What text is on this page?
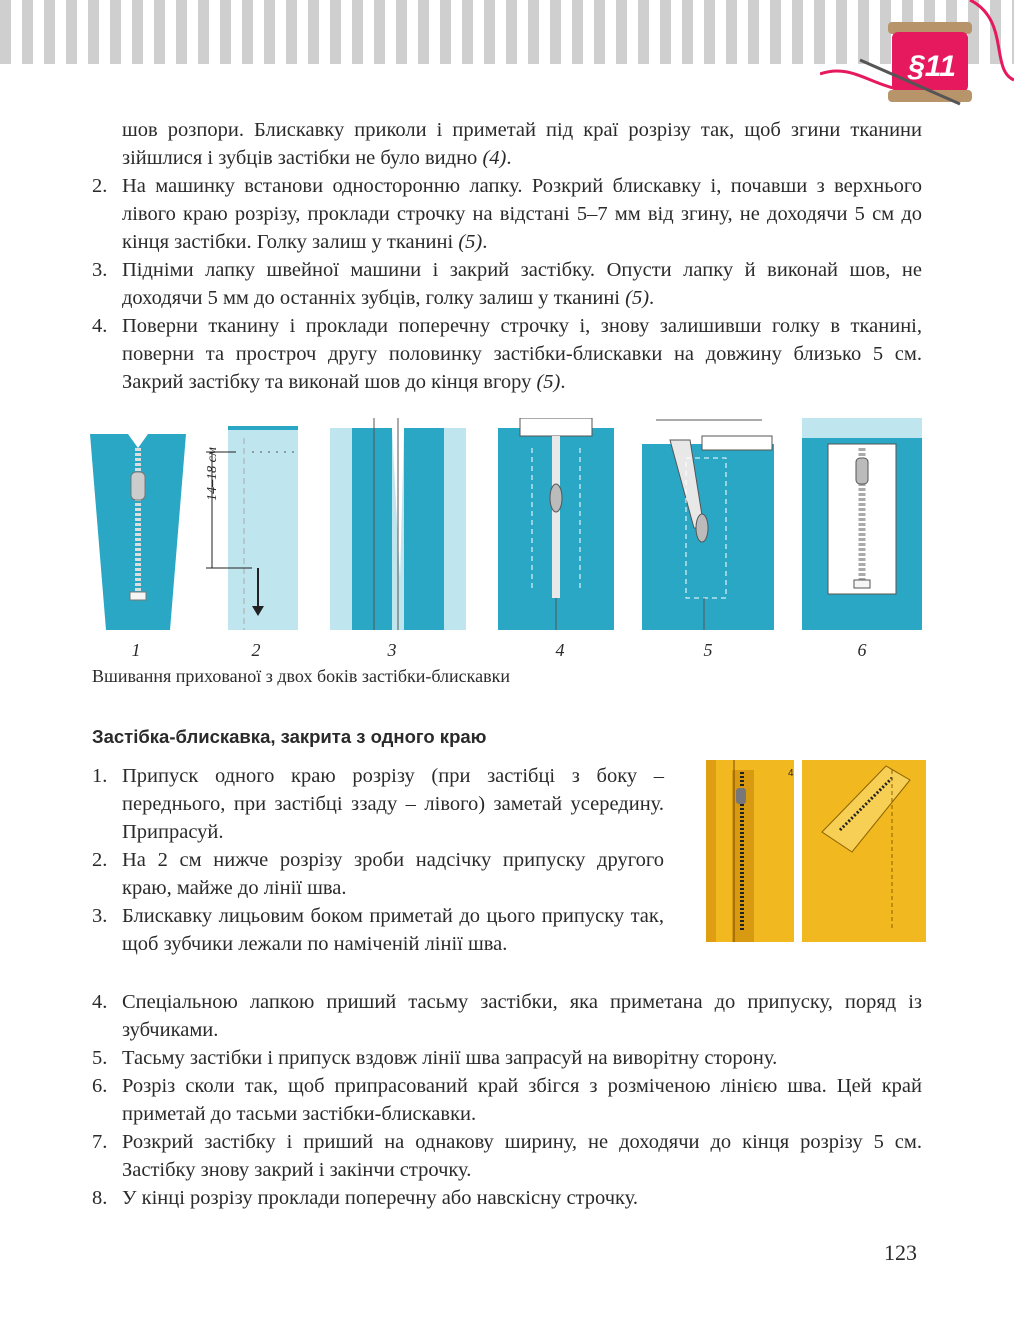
§11
шов розпори. Блискавку приколи і приметай під краї розрізу так, щоб згини тканини зійшлися і зубців застібки не було видно (4).
2. На машинку встанови односторонню лапку. Розкрий блискавку і, почавши з верхнього лівого краю розрізу, проклади строчку на відстані 5–7 мм від згину, не доходячи 5 см до кінця застібки. Голку залиш у тканині (5).
3. Підніми лапку швейної машини і закрий застібку. Опусти лапку й виконай шов, не доходячи 5 мм до останніх зубців, голку залиш у тканині (5).
4. Поверни тканину і проклади поперечну строчку і, знову залишивши голку в тканині, поверни та простроч другу половинку застібки-блискавки на довжину близько 5 см. Закрий застібку та виконай шов до кінця вгору (5).
14–18 см
1	2	3	4	5	6
Вшивання прихованої з двох боків застібки-блискавки
Застібка-блискавка, закрита з одного краю
1. Припуск одного краю розрізу (при застібці з боку – переднього, при застібці ззаду – лівого) заметай усередину. Припрасуй.
2. На 2 см нижче розрізу зроби надсічку припуску другого краю, майже до лінії шва.
3. Блискавку лицьовим боком приметай до цього припуску так, щоб зубчики лежали по наміченій лінії шва.
4
4. Спеціальною лапкою приший тасьму застібки, яка приметана до припуску, поряд із зубчиками.
5. Тасьму застібки і припуск вздовж лінії шва запрасуй на виворітну сторону.
6. Розріз сколи так, щоб припрасований край збігся з розміченою лінією шва. Цей край приметай до тасьми застібки-блискавки.
7. Розкрий застібку і приший на однакову ширину, не доходячи до кінця розрізу 5 см. Застібку знову закрий і закінчи строчку.
8. У кінці розрізу проклади поперечну або навскісну строчку.
123
